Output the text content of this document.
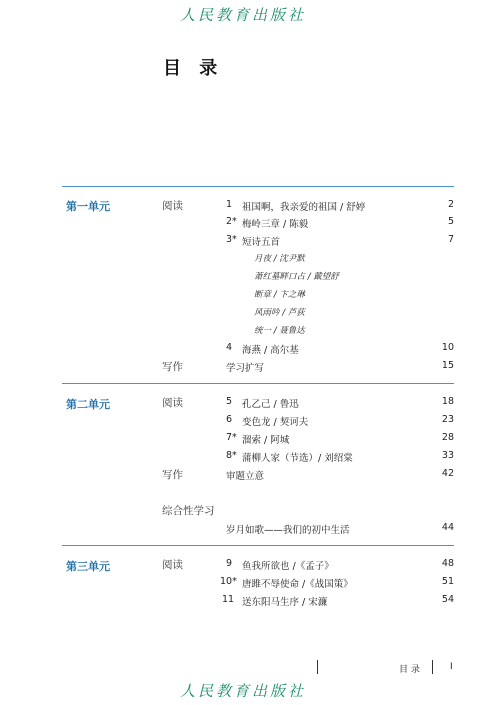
人民教育出版社
目 录
第一单元	阅读	1 祖国啊，我亲爱的祖国 / 舒婷	2
2* 梅岭三章 / 陈毅	5
3* 短诗五首	7
月夜 / 沈尹默
萧红墓畔口占 / 戴望舒
断章 / 卞之琳
风雨吟 / 芦荻
统一 / 聂鲁达
4 海燕 / 高尔基	10
写作	学习扩写	15
第二单元	阅读	5 孔乙己 / 鲁迅	18
6 变色龙 / 契诃夫	23
7* 溜索 / 阿城	28
8* 蒲柳人家（节选）/ 刘绍棠	33
写作	审题立意	42
综合性学习
岁月如歌——我们的初中生活	44
第三单元	阅读	9 鱼我所欲也 /《孟子》	48
10* 唐雎不辱使命 /《战国策》	51
11 送东阳马生序 / 宋濂	54
目 录	I
人民教育出版社
